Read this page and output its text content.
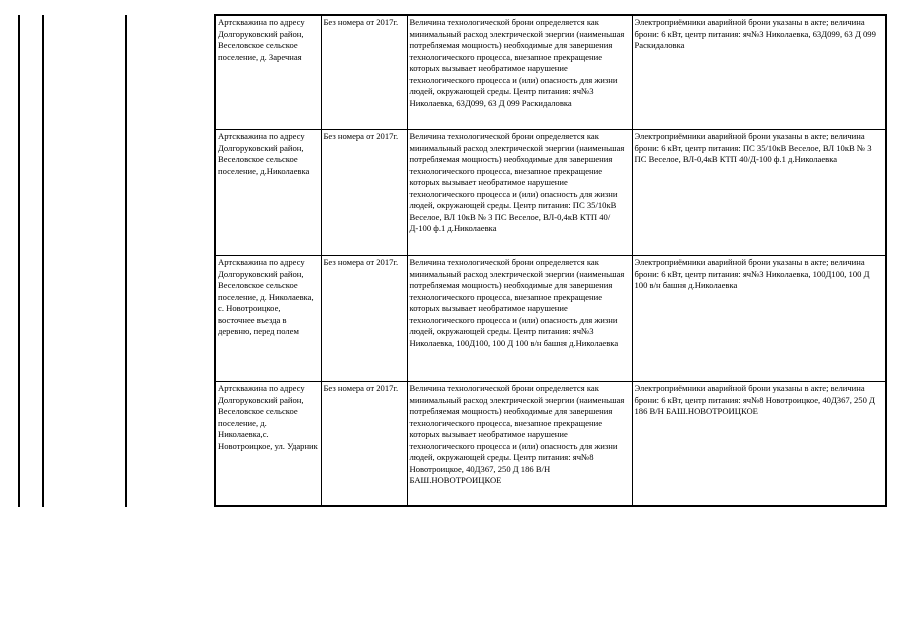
Артскважина по адресу Долгоруковский район, Веселовское сельское поселение, д. Заречная	Без номера от 2017г.	Величина технологической брони определяется как минимальный расход электрической энергии (наименьшая потребляемая мощность) необходимые для завершения технологического процесса, внезапное прекращение которых вызывает необратимое нарушение технологического процесса и (или) опасность для жизни людей, окружающей среды. Центр питания: яч№3 Николаевка, 63Д099, 63 Д 099 Раскидаловка	Электроприёмники аварийной брони указаны в акте; величина брони: 6 кВт, центр питания: яч№3 Николаевка, 63Д099, 63 Д 099 Раскидаловка
Артскважина по адресу Долгоруковский район, Веселовское сельское поселение, д.Николаевка	Без номера от 2017г.	Величина технологической брони определяется как минимальный расход электрической энергии (наименьшая потребляемая мощность) необходимые для завершения технологического процесса, внезапное прекращение которых вызывает необратимое нарушение технологического процесса и (или) опасность для жизни людей, окружающей среды. Центр питания: ПС 35/10кВ Веселое, ВЛ 10кВ № 3 ПС Веселое, ВЛ-0,4кВ КТП 40/Д-100 ф.1 д.Николаевка	Электроприёмники аварийной брони указаны в акте; величина брони: 6 кВт, центр питания: ПС 35/10кВ Веселое, ВЛ 10кВ № 3 ПС Веселое, ВЛ-0,4кВ КТП 40/Д-100 ф.1 д.Николаевка
Артскважина по адресу Долгоруковский район, Веселовское сельское поселение, д. Николаевка, с. Новотроицкое, восточнее въезда в деревню, перед полем	Без номера от 2017г.	Величина технологической брони определяется как минимальный расход электрической энергии (наименьшая потребляемая мощность) необходимые для завершения технологического процесса, внезапное прекращение которых вызывает необратимое нарушение технологического процесса и (или) опасность для жизни людей, окружающей среды. Центр питания: яч№3 Николаевка, 100Д100, 100 Д 100 в/н башня д.Николаевка	Электроприёмники аварийной брони указаны в акте; величина брони: 6 кВт, центр питания: яч№3 Николаевка, 100Д100, 100 Д 100 в/н башня д.Николаевка
Артскважина по адресу Долгоруковский район, Веселовское сельское поселение, д. Николаевка,с. Новотроицкое, ул. Ударник	Без номера от 2017г.	Величина технологической брони определяется как минимальный расход электрической энергии (наименьшая потребляемая мощность) необходимые для завершения технологического процесса, внезапное прекращение которых вызывает необратимое нарушение технологического процесса и (или) опасность для жизни людей, окружающей среды. Центр питания: яч№8 Новотроицкое, 40Д367, 250 Д 186 В/Н БАШ.НОВОТРОИЦКОЕ	Электроприёмники аварийной брони указаны в акте; величина брони: 6 кВт, центр питания: яч№8 Новотроицкое, 40Д367, 250 Д 186 В/Н БАШ.НОВОТРОИЦКОЕ
